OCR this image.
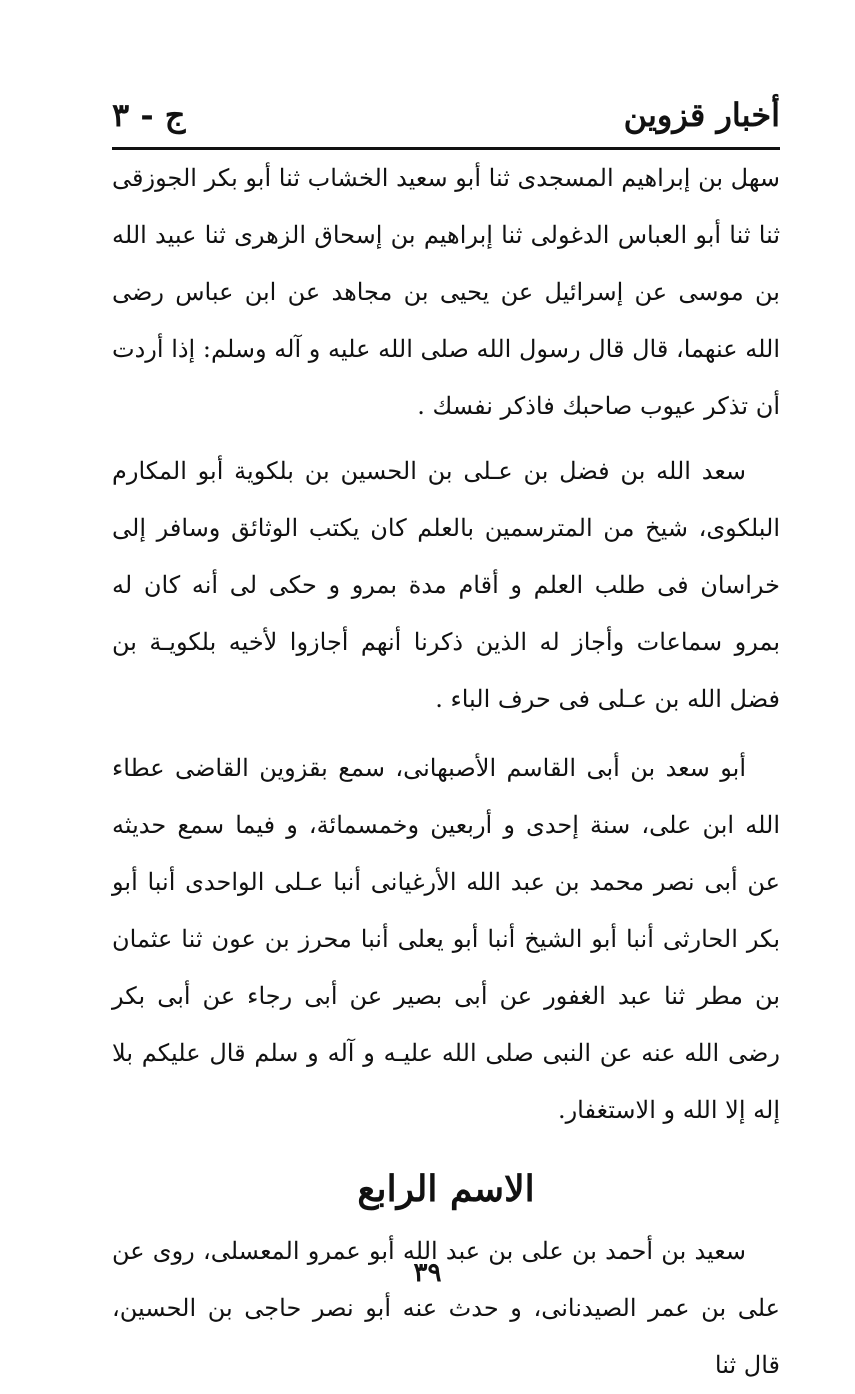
أخبار قزوين
ج - ٣

سهل بن إبراهيم المسجدى ثنا أبو سعيد الخشاب ثنا أبو بكر الجوزقى ثنا ثنا أبو العباس الدغولى ثنا إبراهيم بن إسحاق الزهرى ثنا عبيد الله بن موسى عن إسرائيل عن يحيى بن مجاهد عن ابن عباس رضى الله عنهما، قال قال رسول الله صلى الله عليه و آله وسلم: إذا أردت أن تذكر عيوب صاحبك فاذكر نفسك .

سعد الله بن فضل بن عـلى بن الحسين بن بلكوية أبو المكارم البلكوى، شيخ من المترسمين بالعلم كان يكتب الوثائق وسافر إلى خراسان فى طلب العلم و أقام مدة بمرو و حكى لى أنه كان له بمرو سماعات وأجاز له الذين ذكرنا أنهم أجازوا لأخيه بلكويـة بن فضل الله بن عـلى فى حرف الباء .

أبو سعد بن أبى القاسم الأصبهانى، سمع بقزوين القاضى عطاء الله ابن على، سنة إحدى و أربعين وخمسمائة، و فيما سمع حديثه عن أبى نصر محمد بن عبد الله الأرغيانى أنبا عـلى الواحدى أنبا أبو بكر الحارثى أنبا أبو الشيخ أنبا أبو يعلى أنبا محرز بن عون ثنا عثمان بن مطر ثنا عبد الغفور عن أبى بصير عن أبى رجاء عن أبى بكر رضى الله عنه عن النبى صلى الله عليـه و آله و سلم قال عليكم بلا إله إلا الله و الاستغفار.

الاسم الرابع

سعيد بن أحمد بن على بن عبد الله أبو عمرو المعسلى، روى عن على بن عمر الصيدنانى، و حدث عنه أبو نصر حاجى بن الحسين، قال ثنا

٣٩
